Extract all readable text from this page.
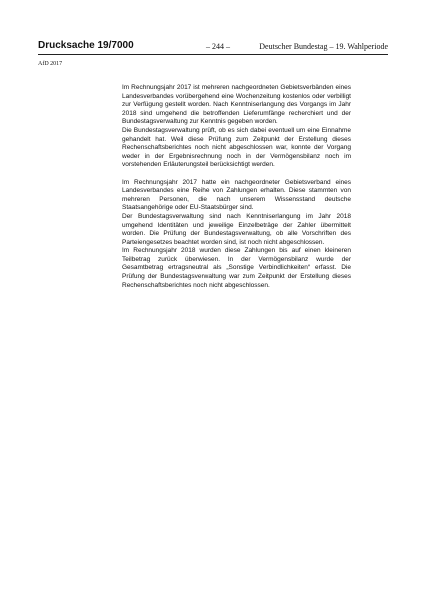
Drucksache 19/7000	– 244 –	Deutscher Bundestag – 19. Wahlperiode
AfD 2017

Im Rechnungsjahr 2017 ist mehreren nachgeordneten Gebietsverbänden eines Landesverbandes vorübergehend eine Wochenzeitung kostenlos oder verbilligt zur Verfügung gestellt worden. Nach Kenntniserlangung des Vorgangs im Jahr 2018 sind umgehend die betroffenden Lieferumfänge recherchiert und der Bundestagsverwaltung zur Kenntnis gegeben worden.

Die Bundestagsverwaltung prüft, ob es sich dabei eventuell um eine Einnahme gehandelt hat. Weil diese Prüfung zum Zeitpunkt der Erstellung dieses Rechenschaftsberichtes noch nicht abgeschlossen war, konnte der Vorgang weder in der Ergebnisrechnung noch in der Vermögensbilanz noch im vorstehenden Erläuterungsteil berücksichtigt werden.

Im Rechnungsjahr 2017 hatte ein nachgeordneter Gebietsverband eines Landesverbandes eine Reihe von Zahlungen erhalten. Diese stammten von mehreren Personen, die nach unserem Wissensstand deutsche Staatsangehörige oder EU-Staatsbürger sind.

Der Bundestagsverwaltung sind nach Kenntniserlangung im Jahr 2018 umgehend Identitäten und jeweilige Einzelbeträge der Zahler übermittelt worden. Die Prüfung der Bundestagsverwaltung, ob alle Vorschriften des Parteiengesetzes beachtet worden sind, ist noch nicht abgeschlossen.

Im Rechnungsjahr 2018 wurden diese Zahlungen bis auf einen kleineren Teilbetrag zurück überwiesen. In der Vermögensbilanz wurde der Gesamtbetrag ertragsneutral als „Sonstige Verbindlichkeiten“ erfasst. Die Prüfung der Bundestagsverwaltung war zum Zeitpunkt der Erstellung dieses Rechenschaftsberichtes noch nicht abgeschlossen.
